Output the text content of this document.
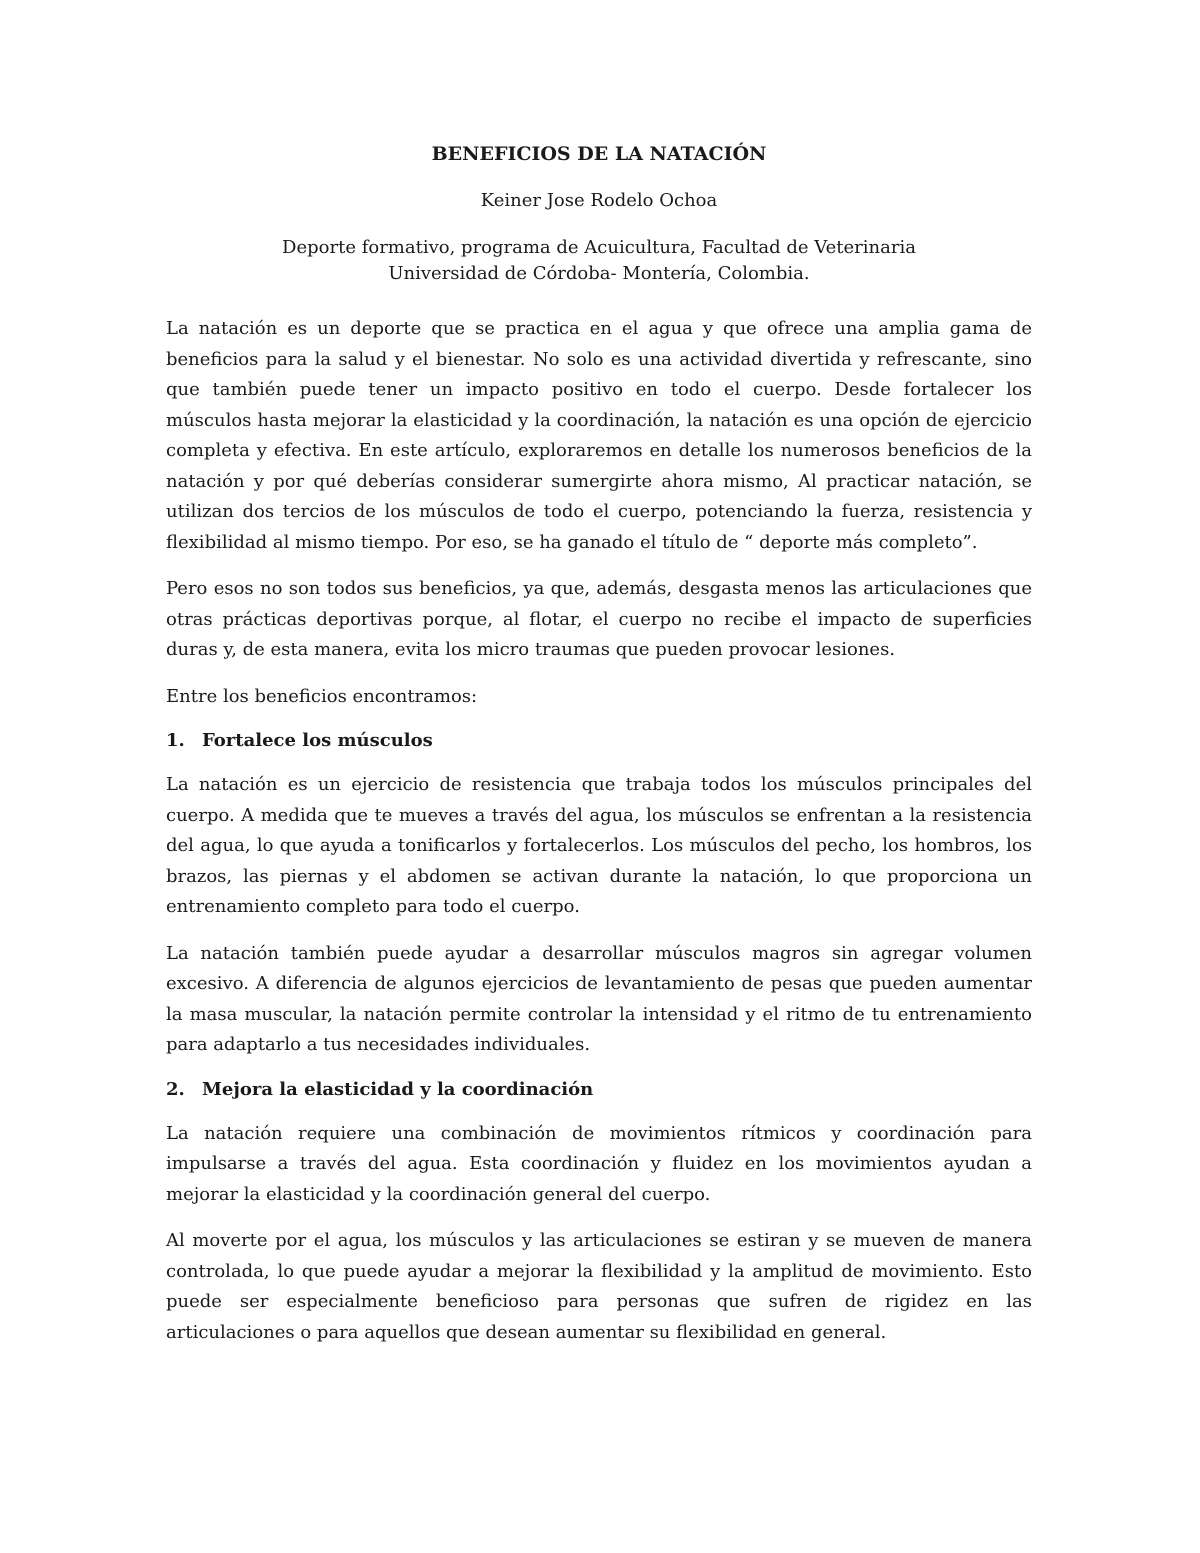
BENEFICIOS DE LA NATACIÓN

Keiner Jose Rodelo Ochoa

Deporte formativo, programa de Acuicultura, Facultad de Veterinaria
Universidad de Córdoba- Montería, Colombia.

La natación es un deporte que se practica en el agua y que ofrece una amplia gama de beneficios para la salud y el bienestar. No solo es una actividad divertida y refrescante, sino que también puede tener un impacto positivo en todo el cuerpo. Desde fortalecer los músculos hasta mejorar la elasticidad y la coordinación, la natación es una opción de ejercicio completa y efectiva. En este artículo, exploraremos en detalle los numerosos beneficios de la natación y por qué deberías considerar sumergirte ahora mismo, Al practicar natación, se utilizan dos tercios de los músculos de todo el cuerpo, potenciando la fuerza, resistencia y flexibilidad al mismo tiempo. Por eso, se ha ganado el título de “ deporte más completo”.

Pero esos no son todos sus beneficios, ya que, además, desgasta menos las articulaciones que otras prácticas deportivas porque, al flotar, el cuerpo no recibe el impacto de superficies duras y, de esta manera, evita los micro traumas que pueden provocar lesiones.

Entre los beneficios encontramos:

1. Fortalece los músculos

La natación es un ejercicio de resistencia que trabaja todos los músculos principales del cuerpo. A medida que te mueves a través del agua, los músculos se enfrentan a la resistencia del agua, lo que ayuda a tonificarlos y fortalecerlos. Los músculos del pecho, los hombros, los brazos, las piernas y el abdomen se activan durante la natación, lo que proporciona un entrenamiento completo para todo el cuerpo.

La natación también puede ayudar a desarrollar músculos magros sin agregar volumen excesivo. A diferencia de algunos ejercicios de levantamiento de pesas que pueden aumentar la masa muscular, la natación permite controlar la intensidad y el ritmo de tu entrenamiento para adaptarlo a tus necesidades individuales.

2. Mejora la elasticidad y la coordinación

La natación requiere una combinación de movimientos rítmicos y coordinación para impulsarse a través del agua. Esta coordinación y fluidez en los movimientos ayudan a mejorar la elasticidad y la coordinación general del cuerpo.

Al moverte por el agua, los músculos y las articulaciones se estiran y se mueven de manera controlada, lo que puede ayudar a mejorar la flexibilidad y la amplitud de movimiento. Esto puede ser especialmente beneficioso para personas que sufren de rigidez en las articulaciones o para aquellos que desean aumentar su flexibilidad en general.
